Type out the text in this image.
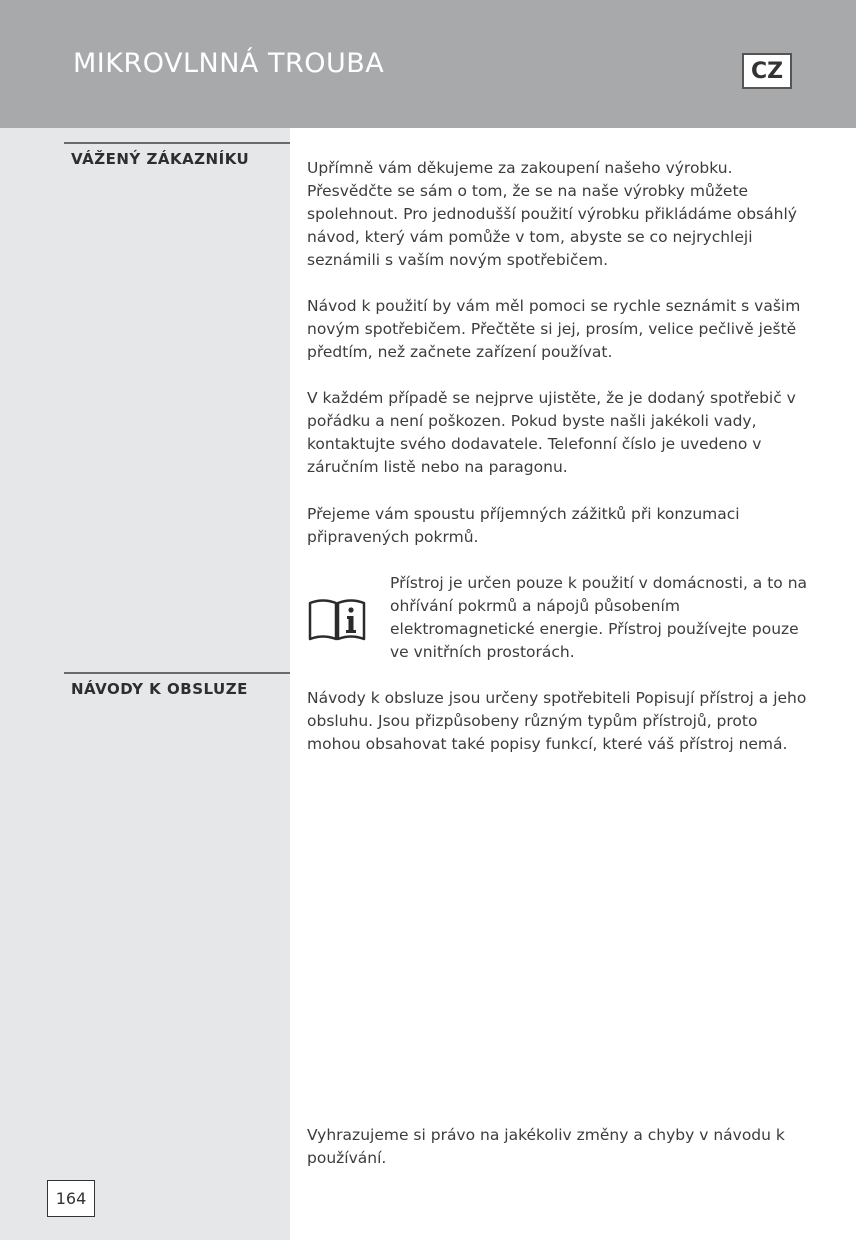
MIKROVLNNÁ TROUBA	CZ
VÁŽENÝ ZÁKAZNÍKU
NÁVODY K OBSLUZE
Upřímně vám děkujeme za zakoupení našeho výrobku. Přesvědčte se sám o tom, že se na naše výrobky můžete spolehnout. Pro jednodušší použití výrobku přikládáme obsáhlý návod, který vám pomůže v tom, abyste se co nejrychleji seznámili s vaším novým spotřebičem.
Návod k použití by vám měl pomoci se rychle seznámit s vašim novým spotřebičem. Přečtěte si jej, prosím, velice pečlivě ještě předtím, než začnete zařízení používat.
V každém případě se nejprve ujistěte, že je dodaný spotřebič v pořádku a není poškozen. Pokud byste našli jakékoli vady, kontaktujte svého dodavatele. Telefonní číslo je uvedeno v záručním listě nebo na paragonu.
Přejeme vám spoustu příjemných zážitků při konzumaci připravených pokrmů.
Přístroj je určen pouze k použití v domácnosti, a to na ohřívání pokrmů a nápojů působením elektromagnetické energie. Přístroj používejte pouze ve vnitřních prostorách.
Návody k obsluze jsou určeny spotřebiteli Popisují přístroj a jeho obsluhu. Jsou přizpůsobeny různým typům přístrojů, proto mohou obsahovat také popisy funkcí, které váš přístroj nemá.
Vyhrazujeme si právo na jakékoliv změny a chyby v návodu k používání.
164
